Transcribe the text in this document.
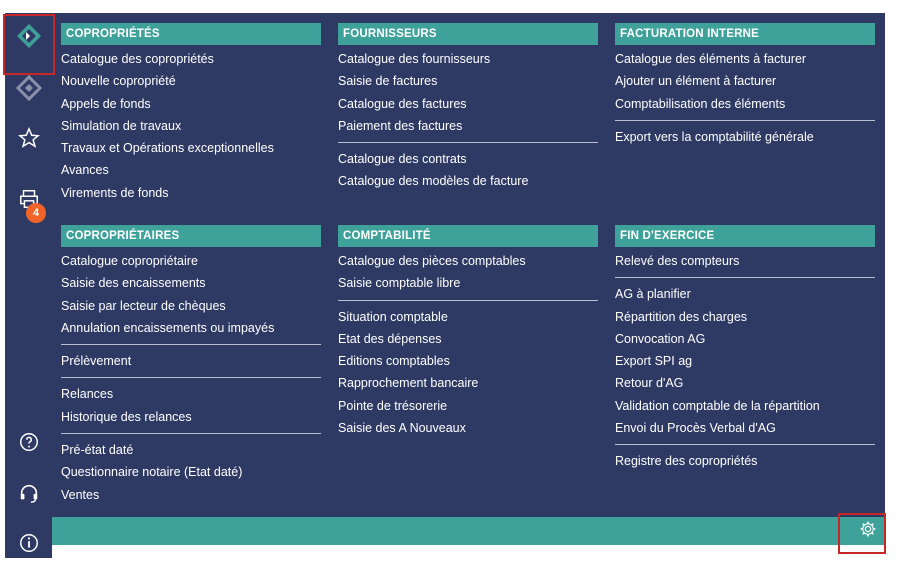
4
COPROPRIÉTÉS
Catalogue des copropriétés
Nouvelle copropriété
Appels de fonds
Simulation de travaux
Travaux et Opérations exceptionnelles
Avances
Virements de fonds
COPROPRIÉTAIRES
Catalogue copropriétaire
Saisie des encaissements
Saisie par lecteur de chèques
Annulation encaissements ou impayés
Prélèvement
Relances
Historique des relances
Pré-état daté
Questionnaire notaire (Etat daté)
Ventes
FOURNISSEURS
Catalogue des fournisseurs
Saisie de factures
Catalogue des factures
Paiement des factures
Catalogue des contrats
Catalogue des modèles de facture
COMPTABILITÉ
Catalogue des pièces comptables
Saisie comptable libre
Situation comptable
Etat des dépenses
Editions comptables
Rapprochement bancaire
Pointe de trésorerie
Saisie des A Nouveaux
FACTURATION INTERNE
Catalogue des éléments à facturer
Ajouter un élément à facturer
Comptabilisation des éléments
Export vers la comptabilité générale
FIN D'EXERCICE
Relevé des compteurs
AG à planifier
Répartition des charges
Convocation AG
Export SPI ag
Retour d'AG
Validation comptable de la répartition
Envoi du Procès Verbal d'AG
Registre des copropriétés
